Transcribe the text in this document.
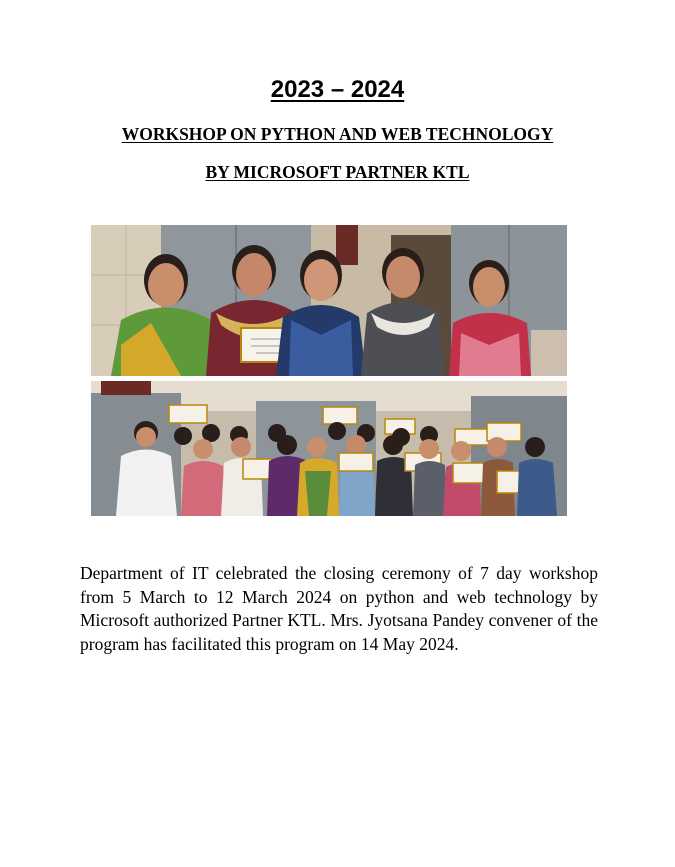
2023 – 2024
WORKSHOP ON PYTHON AND WEB TECHNOLOGY
BY MICROSOFT PARTNER KTL

Department of IT celebrated the closing ceremony of 7 day workshop from 5 March to 12 March 2024 on python and web technology by Microsoft authorized Partner KTL. Mrs. Jyotsana Pandey convener of the program has facilitated this program on 14 May 2024.
